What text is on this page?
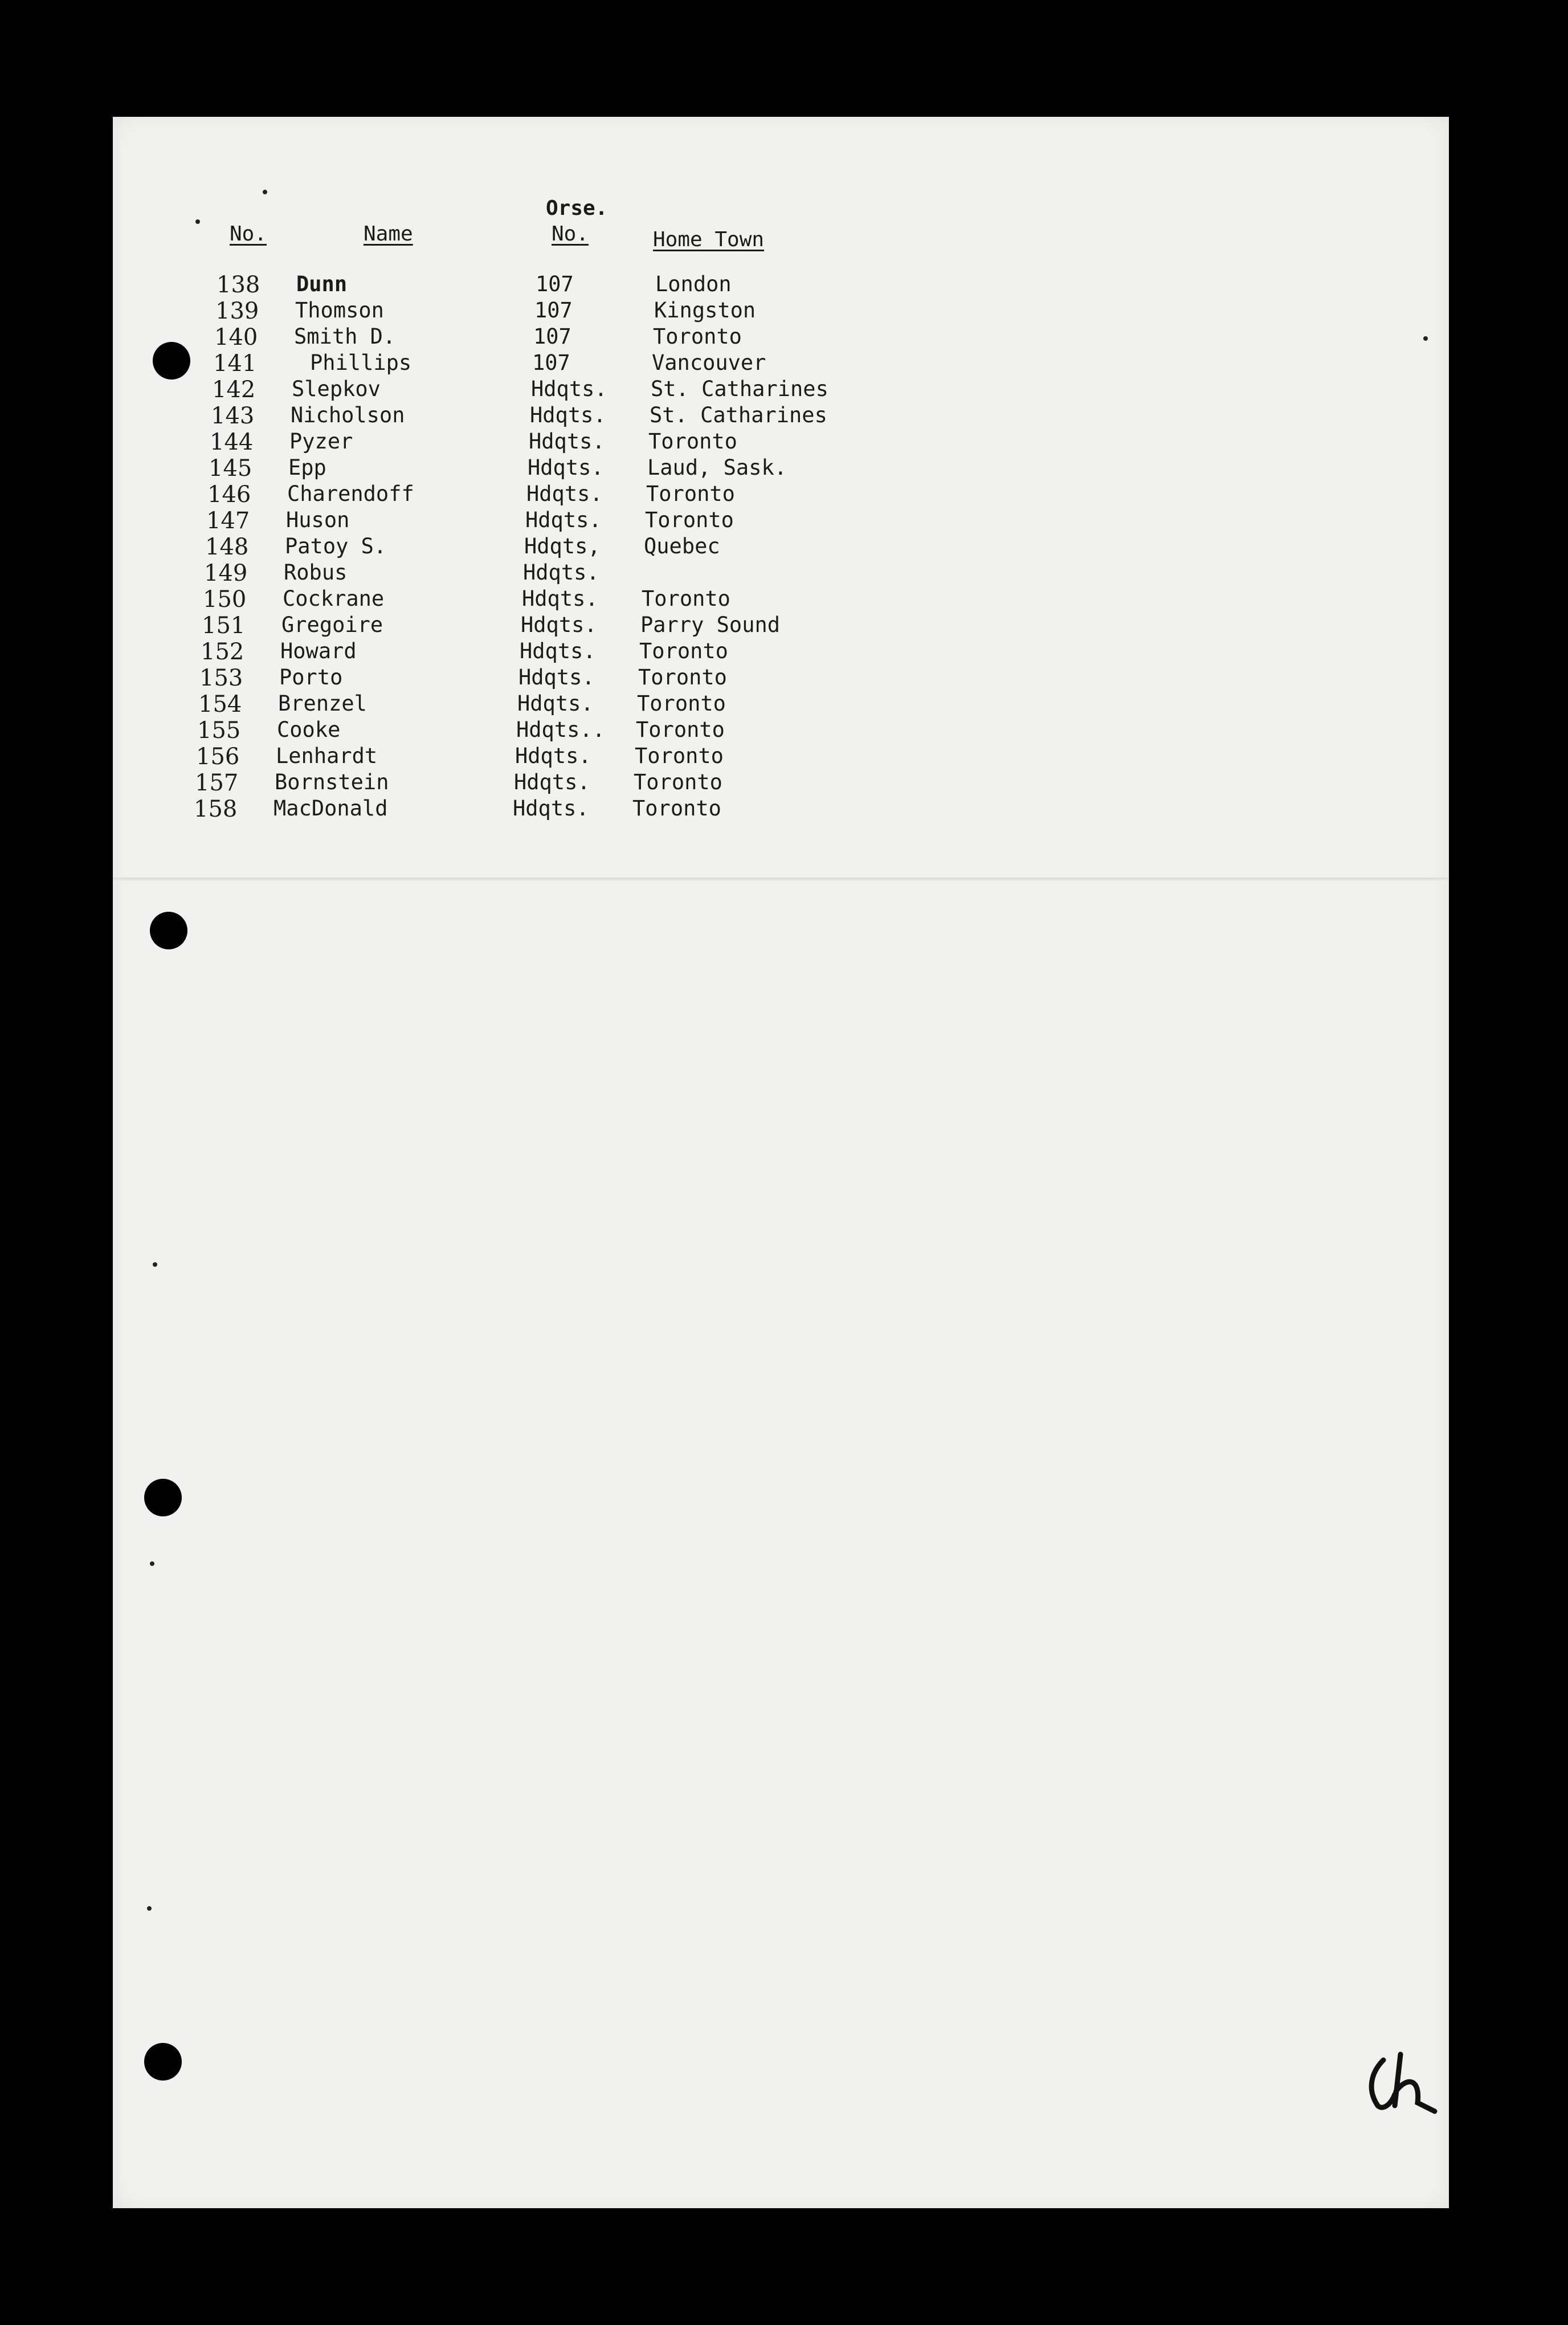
No.	Name
Orse.
No.	Home Town
138 Dunn	107	London
139 Thomson	107	Kingston
140 Smith D.	107	Toronto
141	Phillips	107	Vancouver
142 Slepkov	Hdqts. St. Catharines
143 Nicholson	Hdqts. St. Catharines
144 Pyzer	Hdqts. Toronto
145 Epp	Hdqts. Laud, Sask.
146 Charendoff	Hdqts. Toronto
147 Huson	Hdqts. Toronto
148 Patoy S.	Hdqts, Quebec
149 Robus	Hdqts.
150 Cockrane	Hdqts. Toronto
151 Gregoire	Hdqts. Parry Sound
152 Howard	Hdqts. Toronto
153 Porto	Hdqts. Toronto
154 Brenzel	Hdqts. Toronto
155 Cooke	Hdqts.. Toronto
156 Lenhardt	Hdqts. Toronto
157 Bornstein	Hdqts. Toronto
158 MacDonald	Hdqts. Toronto
